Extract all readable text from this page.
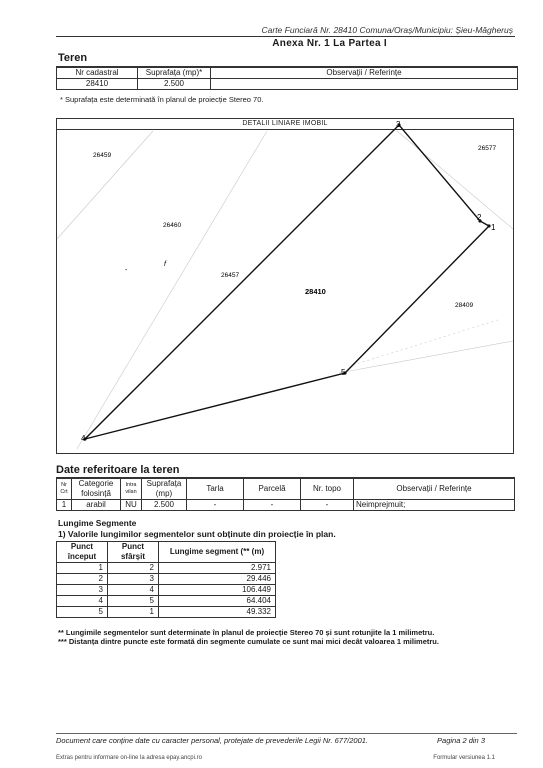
Carte Funciară Nr. 28410 Comuna/Oraș/Municipiu: Șieu-Măgheruș
Anexa Nr. 1 La Partea I
Teren
Nr cadastral	Suprafața (mp)*	Observații / Referințe
28410	2.500	
* Suprafața este determinată în planul de proiecție Stereo 70.
DETALII LINIARE IMOBIL
1
2
3
4
5
26459
26577
26460
26457
28410
28409
f
-
Date referitoare la teren
Nr Crt	Categorie folosință	Intra vilan	Suprafața (mp)	Tarla	Parcelă	Nr. topo	Observații / Referințe
1	arabil	NU	2.500	-	-	-	Neimprejmuit;
Lungime Segmente
1) Valorile lungimilor segmentelor sunt obținute din proiecție în plan.
Punct început	Punct sfârșit	Lungime segment (** (m)
1	2	2.971
2	3	29.446
3	4	106.449
4	5	64.404
5	1	49.332
** Lungimile segmentelor sunt determinate în planul de proiecție Stereo 70 și sunt rotunjite la 1 milimetru.
*** Distanța dintre puncte este formată din segmente cumulate ce sunt mai mici decât valoarea 1 milimetru.
Document care conține date cu caracter personal, protejate de prevederile Legii Nr. 677/2001.	Pagina 2 din 3
Extras pentru informare on-line la adresa epay.ancpi.ro	Formular versiunea 1.1
